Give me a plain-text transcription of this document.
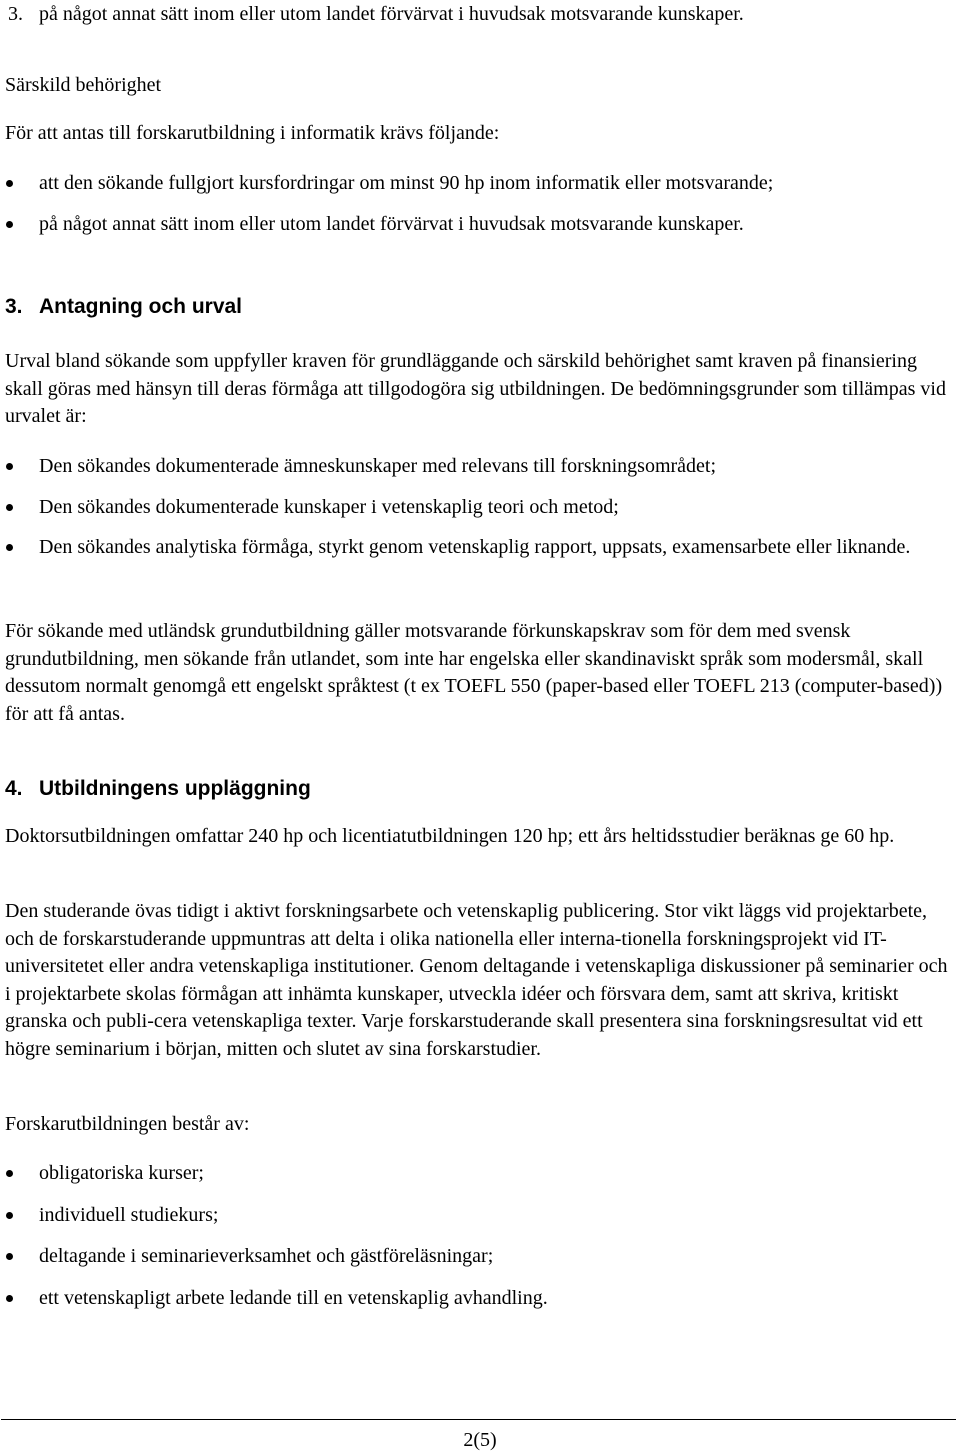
3. på något annat sätt inom eller utom landet förvärvat i huvudsak motsvarande kunskaper.

Särskild behörighet

För att antas till forskarutbildning i informatik krävs följande:

att den sökande fullgjort kursfordringar om minst 90 hp inom informatik eller motsvarande;
på något annat sätt inom eller utom landet förvärvat i huvudsak motsvarande kunskaper.
3. Antagning och urval

Urval bland sökande som uppfyller kraven för grundläggande och särskild behörighet samt kraven på finansiering skall göras med hänsyn till deras förmåga att tillgodogöra sig utbildningen. De bedömningsgrunder som tillämpas vid urvalet är:

Den sökandes dokumenterade ämneskunskaper med relevans till forskningsområdet;
Den sökandes dokumenterade kunskaper i vetenskaplig teori och metod;
Den sökandes analytiska förmåga, styrkt genom vetenskaplig rapport, uppsats, examensarbete eller liknande.

För sökande med utländsk grundutbildning gäller motsvarande förkunskapskrav som för dem med svensk grundutbildning, men sökande från utlandet, som inte har engelska eller skandinaviskt språk som modersmål, skall dessutom normalt genomgå ett engelskt språktest (t ex TOEFL 550 (paper-based eller TOEFL 213 (computer-based)) för att få antas.

4. Utbildningens uppläggning

Doktorsutbildningen omfattar 240 hp och licentiatutbildningen 120 hp; ett års heltidsstudier beräknas ge 60 hp.

Den studerande övas tidigt i aktivt forskningsarbete och vetenskaplig publicering. Stor vikt läggs vid projektarbete, och de forskarstuderande uppmuntras att delta i olika nationella eller interna-tionella forskningsprojekt vid IT-universitetet eller andra vetenskapliga institutioner. Genom deltagande i vetenskapliga diskussioner på seminarier och i projektarbete skolas förmågan att inhämta kunskaper, utveckla idéer och försvara dem, samt att skriva, kritiskt granska och publi-cera vetenskapliga texter. Varje forskarstuderande skall presentera sina forskningsresultat vid ett högre seminarium i början, mitten och slutet av sina forskarstudier.

Forskarutbildningen består av:

obligatoriska kurser;
individuell studiekurs;
deltagande i seminarieverksamhet och gästföreläsningar;
ett vetenskapligt arbete ledande till en vetenskaplig avhandling.
2(5)
